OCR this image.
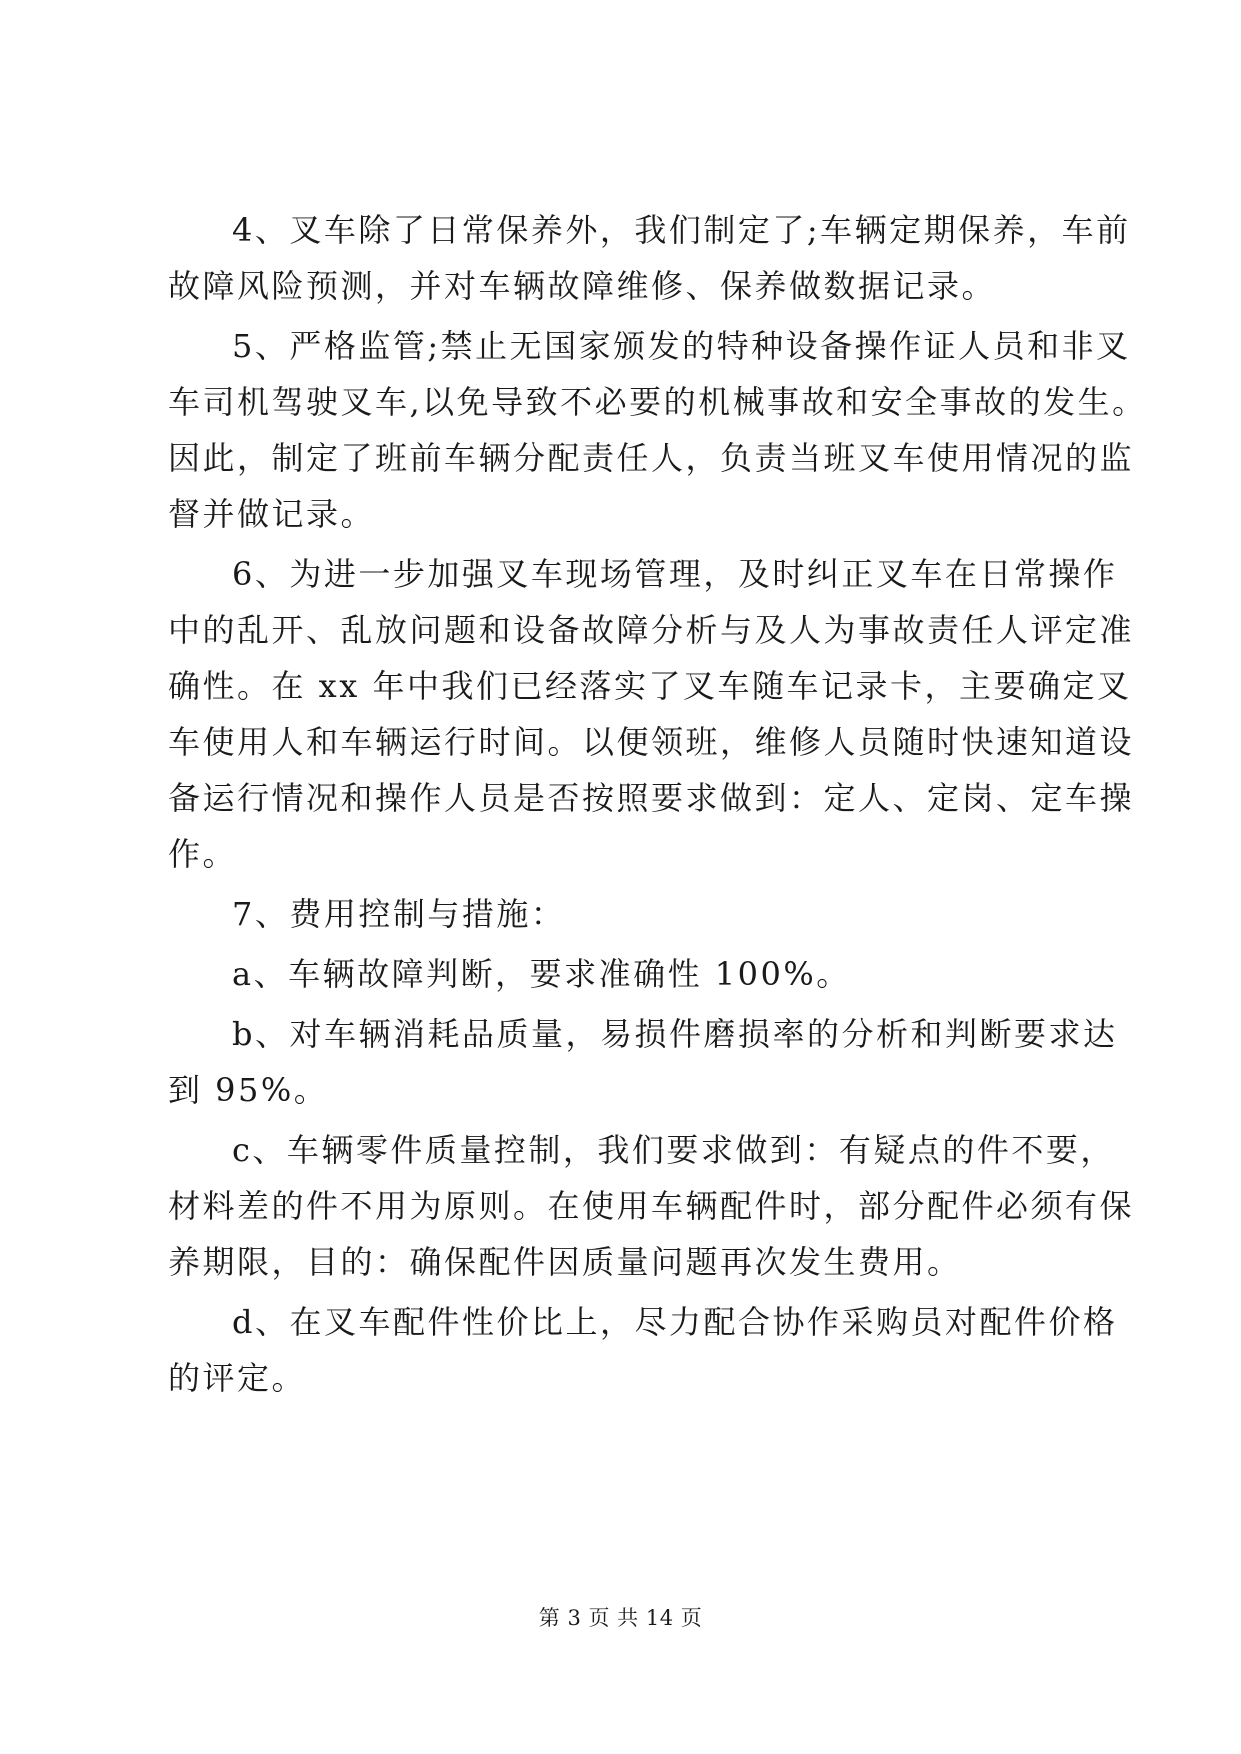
4、叉车除了日常保养外，我们制定了;车辆定期保养，车前
故障风险预测，并对车辆故障维修、保养做数据记录。
5、严格监管;禁止无国家颁发的特种设备操作证人员和非叉
车司机驾驶叉车,以免导致不必要的机械事故和安全事故的发生。
因此，制定了班前车辆分配责任人，负责当班叉车使用情况的监
督并做记录。
6、为进一步加强叉车现场管理，及时纠正叉车在日常操作
中的乱开、乱放问题和设备故障分析与及人为事故责任人评定准
确性。在 xx 年中我们已经落实了叉车随车记录卡，主要确定叉
车使用人和车辆运行时间。以便领班，维修人员随时快速知道设
备运行情况和操作人员是否按照要求做到：定人、定岗、定车操
作。
7、费用控制与措施：
a、车辆故障判断，要求准确性 100%。
b、对车辆消耗品质量，易损件磨损率的分析和判断要求达
到 95%。
c、车辆零件质量控制，我们要求做到：有疑点的件不要，
材料差的件不用为原则。在使用车辆配件时，部分配件必须有保
养期限，目的：确保配件因质量问题再次发生费用。
d、在叉车配件性价比上，尽力配合协作采购员对配件价格
的评定。
第 3 页 共 14 页
